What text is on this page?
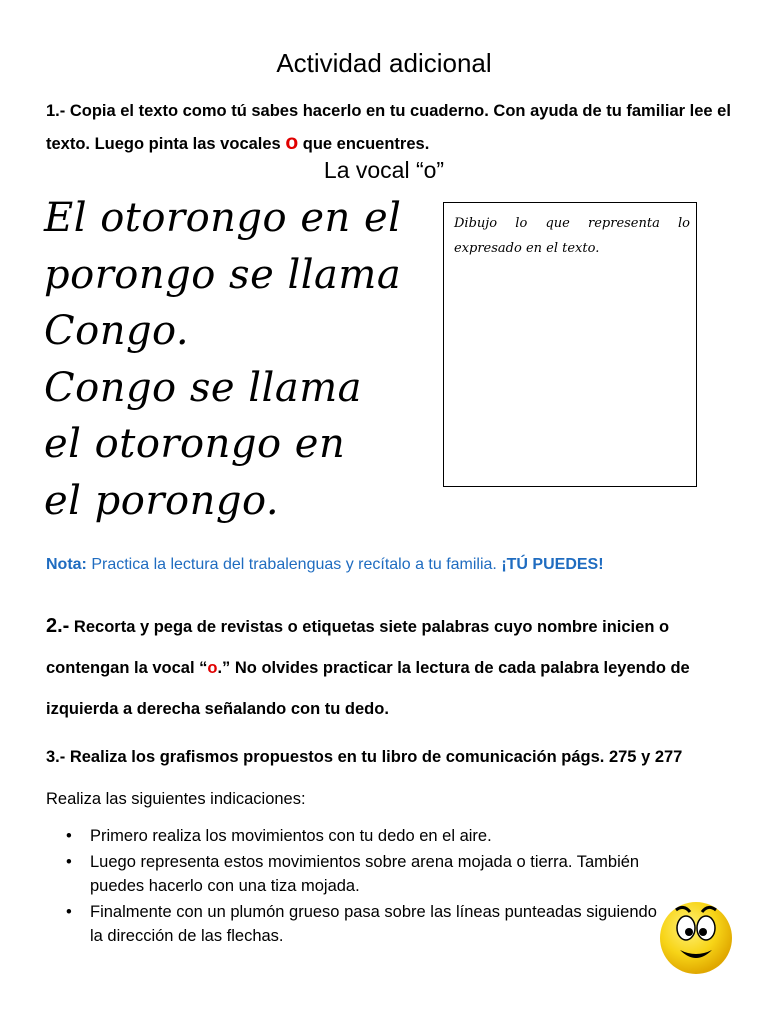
Actividad adicional
1.- Copia el texto como tú sabes hacerlo en tu cuaderno. Con ayuda de tu familiar lee el texto. Luego pinta las vocales o que encuentres.
La vocal “o”
El otorongo en el
porongo se llama
Congo.
Congo se llama
el otorongo en
el porongo.
Dibujo lo que representa lo expresado en el texto.
Nota: Practica la lectura del trabalenguas y recítalo a tu familia. ¡TÚ PUEDES!
2.- Recorta y pega de revistas o etiquetas siete palabras cuyo nombre inicien o contengan la vocal “o.” No olvides practicar la lectura de cada palabra leyendo de izquierda a derecha señalando con tu dedo.
3.- Realiza los grafismos propuestos en tu libro de comunicación págs. 275 y 277
Realiza las siguientes indicaciones:
• Primero realiza los movimientos con tu dedo en el aire.
• Luego representa estos movimientos sobre arena mojada o tierra. También puedes hacerlo con una tiza mojada.
• Finalmente con un plumón grueso pasa sobre las líneas punteadas siguiendo la dirección de las flechas.
